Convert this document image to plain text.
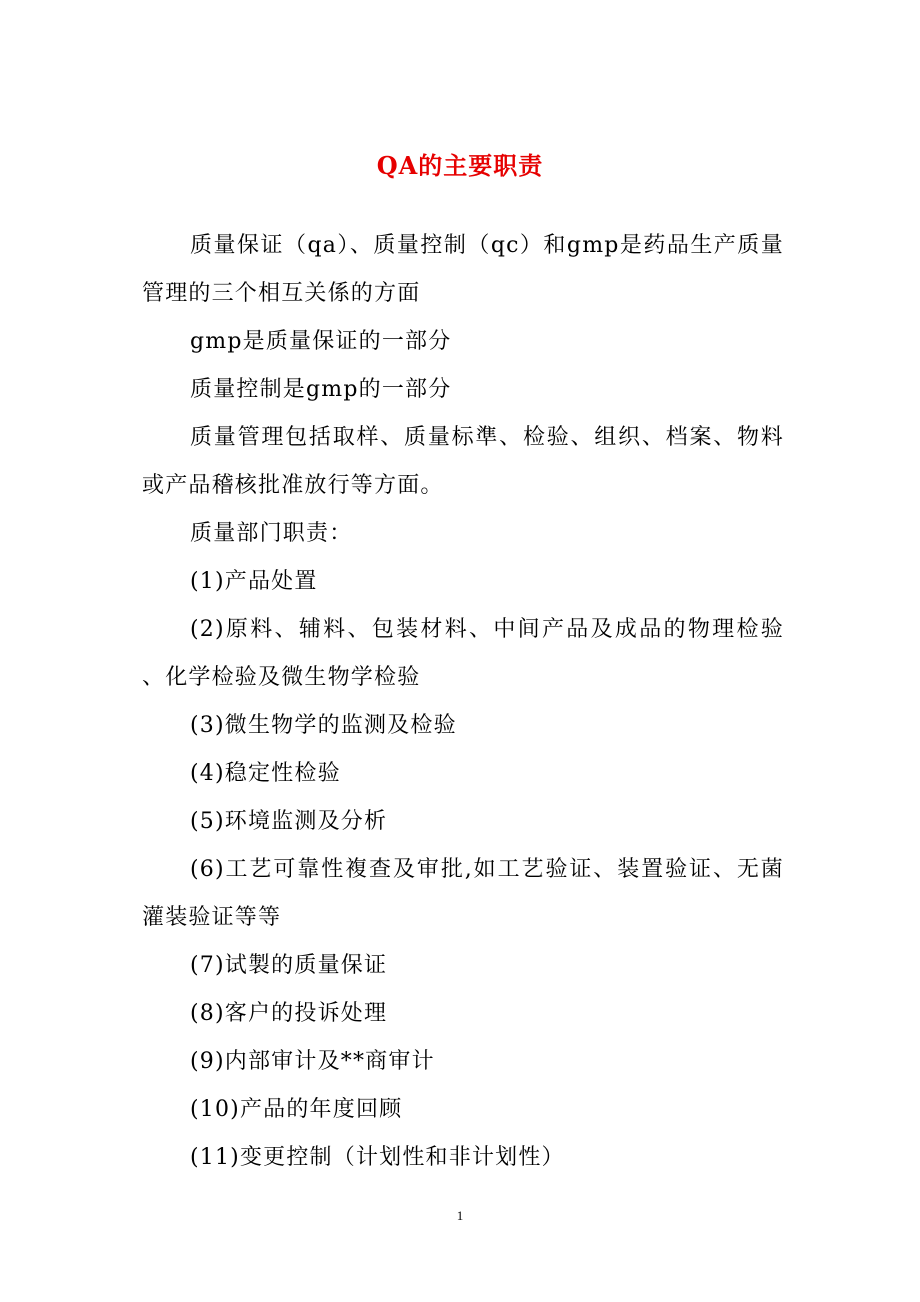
QA的主要职责

质量保证（qa）、质量控制（qc）和gmp是药品生产质量管理的三个相互关係的方面

gmp是质量保证的一部分

质量控制是gmp的一部分

质量管理包括取样、质量标準、检验、组织、档案、物料或产品稽核批准放行等方面。

质量部门职责：

(1)产品处置

(2)原料、辅料、包装材料、中间产品及成品的物理检验 、化学检验及微生物学检验

(3)微生物学的监测及检验

(4)稳定性检验

(5)环境监测及分析

(6)工艺可靠性複查及审批,如工艺验证、装置验证、无菌灌装验证等等

(7)试製的质量保证

(8)客户的投诉处理

(9)内部审计及**商审计

(10)产品的年度回顾

(11)变更控制（计划性和非计划性）

1
